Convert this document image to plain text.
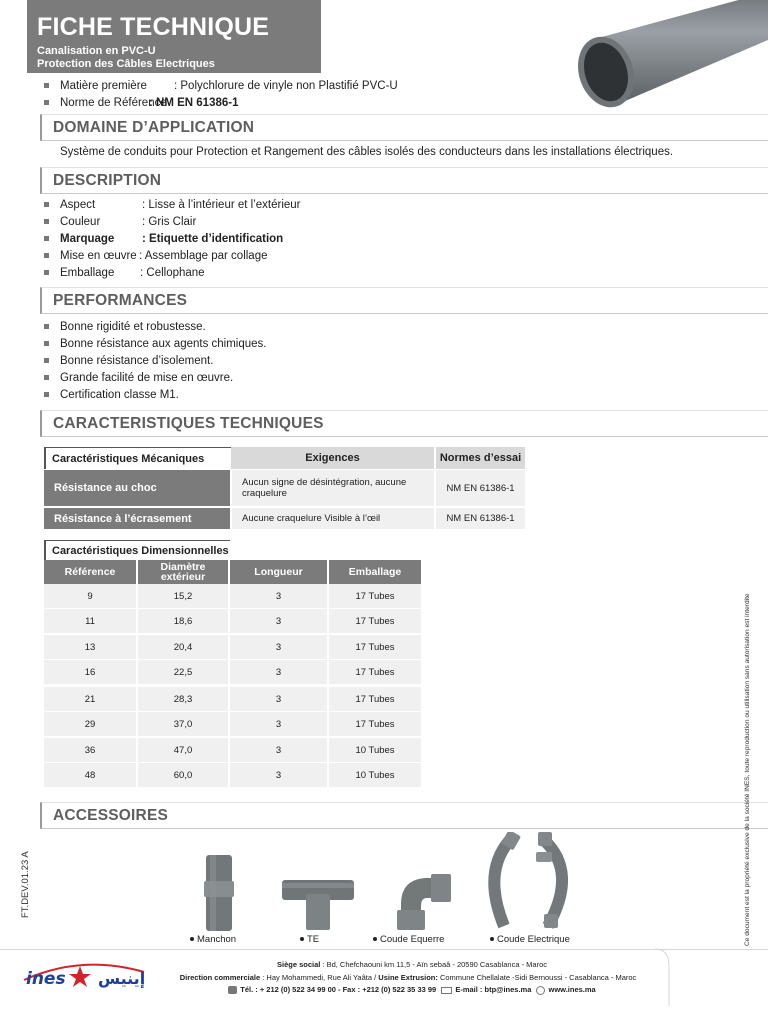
FICHE TECHNIQUE
Canalisation en PVC-U
Protection des Câbles Electriques
Matière première	: Polychlorure de vinyle non Plastifié PVC-U
Norme de Référence
: NM EN 61386-1
DOMAINE D’APPLICATION
Système de conduits pour Protection et Rangement des câbles isolés des conducteurs dans les installations électriques.
DESCRIPTION
Aspect	: Lisse à l’intérieur et l’extérieur
Couleur	: Gris Clair
Marquage	: Etiquette d’identification
Mise en œuvre : Assemblage par collage
Emballage	: Cellophane
PERFORMANCES
Bonne rigidité et robustesse.
Bonne résistance aux agents chimiques.
Bonne résistance d’isolement.
Grande facilité de mise en œuvre.
Certification classe M1.
CARACTERISTIQUES TECHNIQUES
Caractéristiques Mécaniques	Exigences	Normes d’essai
Résistance au choc	Aucun signe de désintégration, aucune craquelure	NM EN 61386-1
Résistance à l’écrasement	Aucune craquelure Visible à l’œil	NM EN 61386-1
Caractéristiques Dimensionnelles
Référence	Diamètre extérieur	Longueur	Emballage
9	15,2	3	17 Tubes
11	18,6	3	17 Tubes
13	20,4	3	17 Tubes
16	22,5	3	17 Tubes
21	28,3	3	17 Tubes
29	37,0	3	17 Tubes
36	47,0	3	10 Tubes
48	60,0	3	10 Tubes
ACCESSOIRES
Manchon	TE	Coude Equerre	Coude Electrique	Ce document est la propriété exclusive de la société INES, toute reproduction ou utilisation sans autorisation est interdite
FT.DEV.01.23 A
ines إينيس
Siège social : Bd, Chefchaouni km 11,5 - Aïn sebaâ - 20590 Casablanca - Maroc
Direction commerciale : Hay Mohammedi, Rue Ali Yaâta / Usine Extrusion: Commune Chellalate -Sidi Bernoussi - Casablanca - Maroc
Tél. : + 212 (0) 522 34 99 00 - Fax : +212 (0) 522 35 33 99	E-mail : btp@ines.ma www.ines.ma
